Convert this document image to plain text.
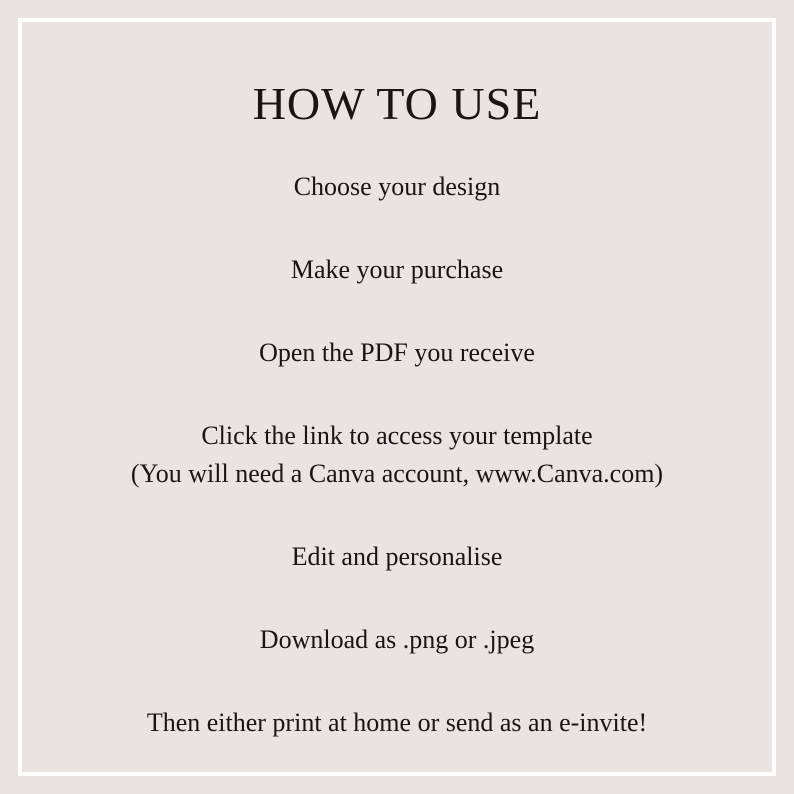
HOW TO USE

Choose your design

Make your purchase

Open the PDF you receive

Click the link to access your template

(You will need a Canva account, www.Canva.com)

Edit and personalise

Download as .png or .jpeg

Then either print at home or send as an e-invite!
